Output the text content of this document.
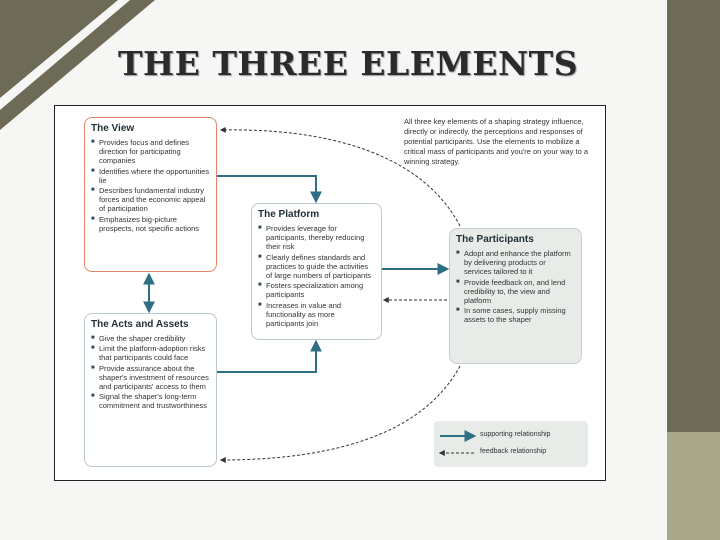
THE THREE ELEMENTS
All three key elements of a shaping strategy influence, directly or indirectly, the perceptions and responses of potential participants. Use the elements to mobilize a critical mass of participants and you're on your way to a winning strategy.
The View
■ Provides focus and defines direction for participating companies
■ Identifies where the opportunities lie
■ Describes fundamental industry forces and the economic appeal of participation
■ Emphasizes big-picture prospects, not specific actions
The Platform
■ Provides leverage for participants, thereby reducing their risk
■ Clearly defines standards and practices to guide the activities of large numbers of participants
■ Fosters specialization among participants
■ Increases in value and functionality as more participants join
The Participants
■ Adopt and enhance the platform by delivering products or services tailored to it
■ Provide feedback on, and lend credibility to, the view and platform
■ In some cases, supply missing assets to the shaper
The Acts and Assets
■ Give the shaper credibility
■ Limit the platform-adoption risks that participants could face
■ Provide assurance about the shaper's investment of resources and participants' access to them
■ Signal the shaper's long-term commitment and trustworthiness
supporting relationship
feedback relationship
